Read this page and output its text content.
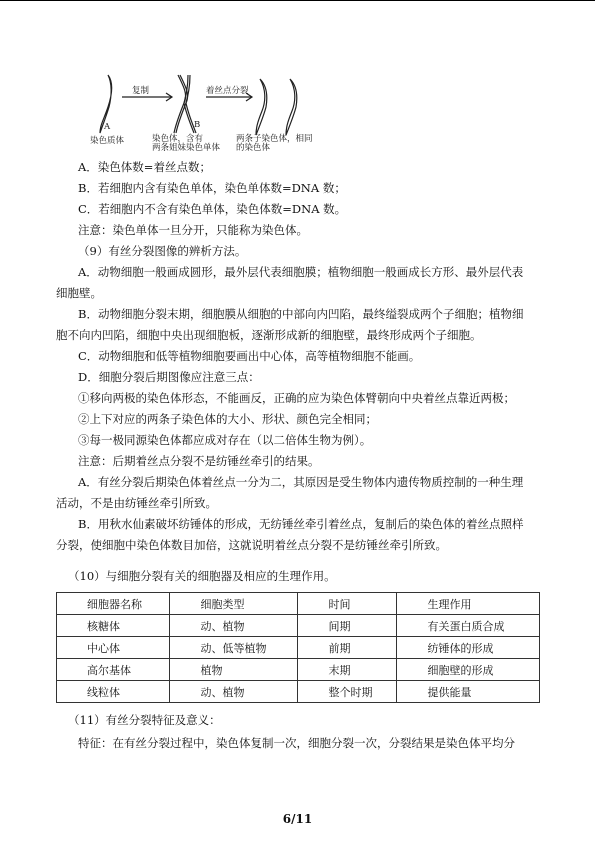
复制	着丝点分裂
A	B
染色质体	染色体，含有
两条姐妹染色单体
两条子染色体，相同
的染色体
A．染色体数=着丝点数；
B．若细胞内含有染色单体，染色单体数=DNA 数；
C．若细胞内不含有染色单体，染色体数=DNA 数。
注意：染色单体一旦分开，只能称为染色体。
（9）有丝分裂图像的辨析方法。
A．动物细胞一般画成圆形，最外层代表细胞膜；植物细胞一般画成长方形、最外层代表
细胞壁。
B．动物细胞分裂末期，细胞膜从细胞的中部向内凹陷，最终缢裂成两个子细胞；植物细
胞不向内凹陷，细胞中央出现细胞板，逐渐形成新的细胞壁，最终形成两个子细胞。
C．动物细胞和低等植物细胞要画出中心体，高等植物细胞不能画。
D．细胞分裂后期图像应注意三点：
①移向两极的染色体形态，不能画反，正确的应为染色体臂朝向中央着丝点靠近两极；
②上下对应的两条子染色体的大小、形状、颜色完全相同；
③每一极同源染色体都应成对存在（以二倍体生物为例）。
注意：后期着丝点分裂不是纺锤丝牵引的结果。
A．有丝分裂后期染色体着丝点一分为二，其原因是受生物体内遗传物质控制的一种生理
活动，不是由纺锤丝牵引所致。
B．用秋水仙素破坏纺锤体的形成，无纺锤丝牵引着丝点，复制后的染色体的着丝点照样
分裂，使细胞中染色体数目加倍，这就说明着丝点分裂不是纺锤丝牵引所致。
（10）与细胞分裂有关的细胞器及相应的生理作用。
细胞器名称	细胞类型	时间	生理作用
核糖体	动、植物	间期	有关蛋白质合成
中心体	动、低等植物	前期	纺锤体的形成
高尔基体	植物	末期	细胞壁的形成
线粒体	动、植物	整个时期	提供能量
（11）有丝分裂特征及意义：
特征：在有丝分裂过程中，染色体复制一次，细胞分裂一次，分裂结果是染色体平均分
6/11
